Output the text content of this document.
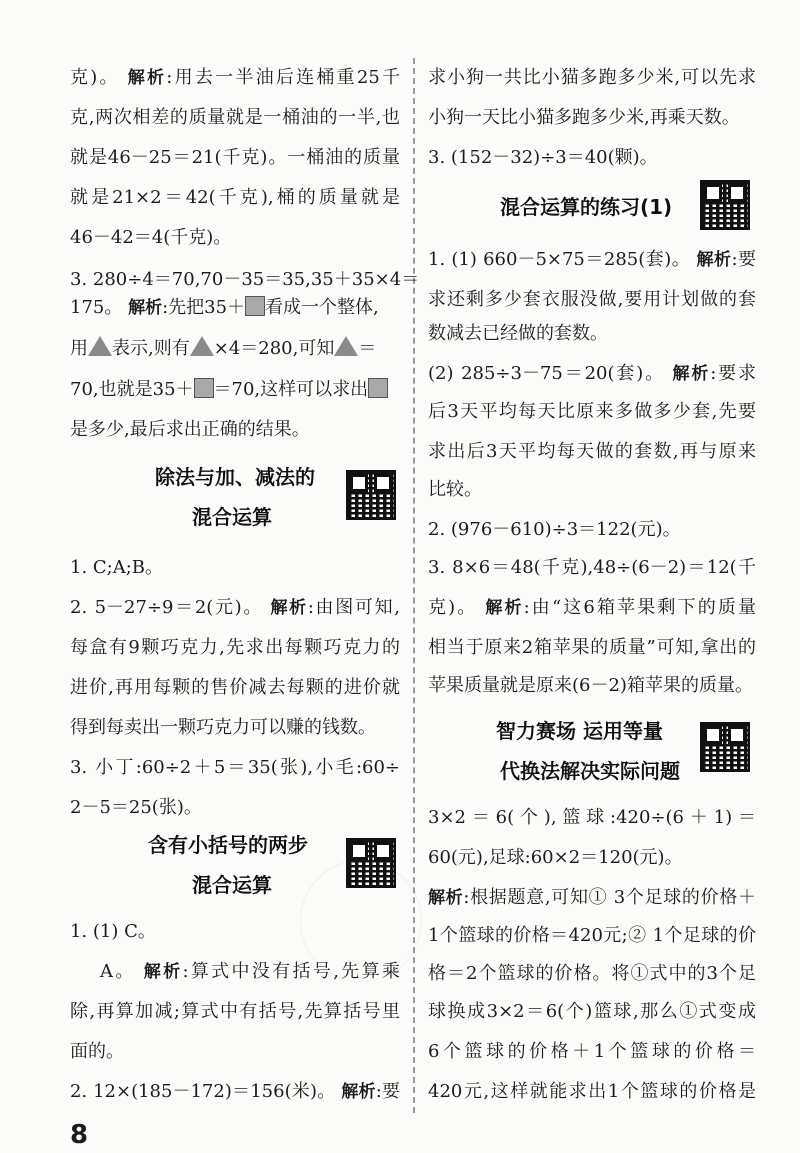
克)。 解析:用去一半油后连桶重25千
克,两次相差的质量就是一桶油的一半,也
就是46－25＝21(千克)。一桶油的质量
就是21×2＝42(千克),桶的质量就是
46－42＝4(千克)。
3. 280÷4＝70,70－35＝35,35＋35×4＝
175。 解析:先把35＋ 看成一个整体,
用 表示,则有 ×4＝280,可知 ＝
70,也就是35＋ ＝70,这样可以求出
是多少,最后求出正确的结果。
除法与加、减法的
混合运算
1. C;A;B。
2. 5－27÷9＝2(元)。 解析:由图可知,
每盒有9颗巧克力,先求出每颗巧克力的
进价,再用每颗的售价减去每颗的进价就
得到每卖出一颗巧克力可以赚的钱数。
3. 小丁:60÷2＋5＝35(张),小毛:60÷
2－5＝25(张)。
含有小括号的两步
混合运算
1. (1) C。
A。 解析:算式中没有括号,先算乘
除,再算加减;算式中有括号,先算括号里
面的。
2. 12×(185－172)＝156(米)。 解析:要
求小狗一共比小猫多跑多少米,可以先求
小狗一天比小猫多跑多少米,再乘天数。
3. (152－32)÷3＝40(颗)。
混合运算的练习(1)
1. (1) 660－5×75＝285(套)。 解析:要
求还剩多少套衣服没做,要用计划做的套
数减去已经做的套数。
(2) 285÷3－75＝20(套)。 解析:要求
后3天平均每天比原来多做多少套,先要
求出后3天平均每天做的套数,再与原来
比较。
2. (976－610)÷3＝122(元)。
3. 8×6＝48(千克),48÷(6－2)＝12(千
克)。 解析:由“这6箱苹果剩下的质量
相当于原来2箱苹果的质量”可知,拿出的
苹果质量就是原来(6－2)箱苹果的质量。
智力赛场 运用等量
代换法解决实际问题
3×2＝6(个),篮球:420÷(6＋1)＝
60(元),足球:60×2＝120(元)。
解析:根据题意,可知① 3个足球的价格＋
1个篮球的价格＝420元;② 1个足球的价
格＝2个篮球的价格。将①式中的3个足
球换成3×2＝6(个)篮球,那么①式变成
6个篮球的价格＋1个篮球的价格＝
420元,这样就能求出1个篮球的价格是
8
